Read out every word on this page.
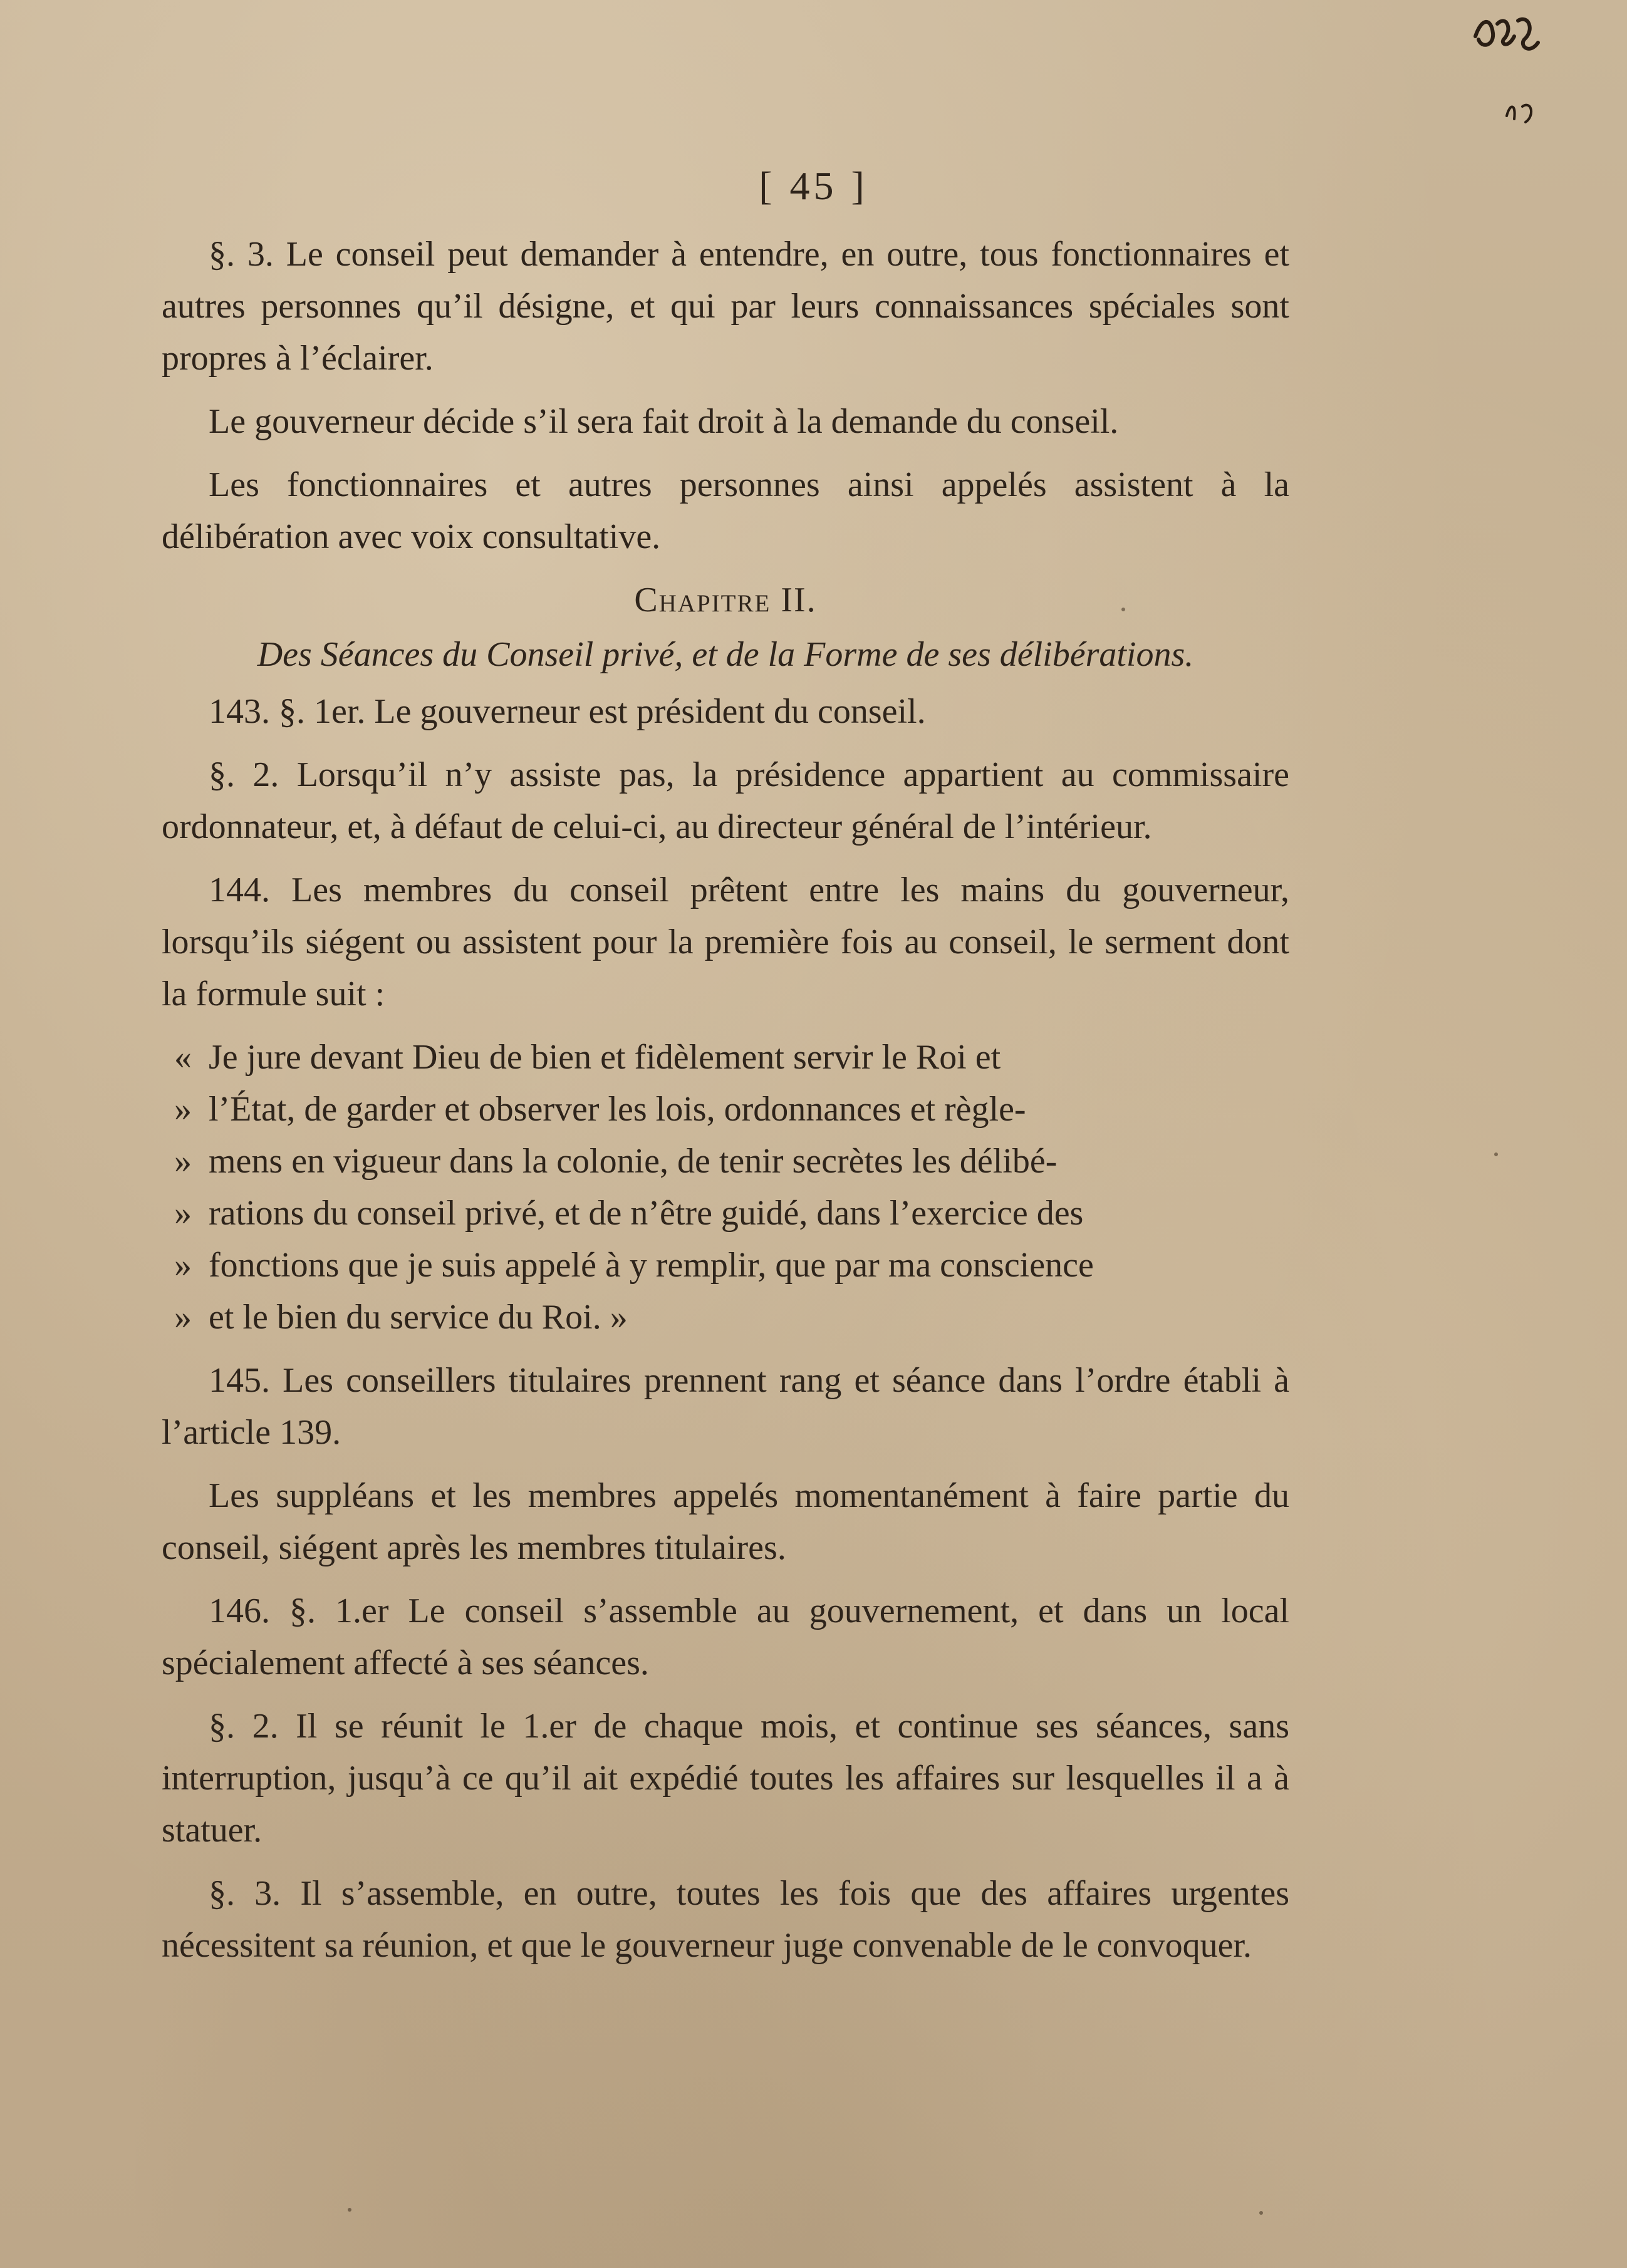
[ 45 ]

§. 3. Le conseil peut demander à entendre, en outre, tous fonctionnaires et autres personnes qu’il désigne, et qui par leurs connaissances spéciales sont propres à l’éclairer.

Le gouverneur décide s’il sera fait droit à la demande du conseil.

Les fonctionnaires et autres personnes ainsi appelés assistent à la délibération avec voix consultative.

Chapitre II.
Des Séances du Conseil privé, et de la Forme de ses délibérations.

143. §. 1er. Le gouverneur est président du conseil.

§. 2. Lorsqu’il n’y assiste pas, la présidence appartient au commissaire ordonnateur, et, à défaut de celui-ci, au directeur général de l’intérieur.

144. Les membres du conseil prêtent entre les mains du gouverneur, lorsqu’ils siégent ou assistent pour la première fois au conseil, le serment dont la formule suit :

« Je jure devant Dieu de bien et fidèlement servir le Roi et
» l’État, de garder et observer les lois, ordonnances et règle-
» mens en vigueur dans la colonie, de tenir secrètes les délibé-
» rations du conseil privé, et de n’être guidé, dans l’exercice des
» fonctions que je suis appelé à y remplir, que par ma conscience
» et le bien du service du Roi. »

145. Les conseillers titulaires prennent rang et séance dans l’ordre établi à l’article 139.

Les suppléans et les membres appelés momentanément à faire partie du conseil, siégent après les membres titulaires.

146. §. 1.er Le conseil s’assemble au gouvernement, et dans un local spécialement affecté à ses séances.

§. 2. Il se réunit le 1.er de chaque mois, et continue ses séances, sans interruption, jusqu’à ce qu’il ait expédié toutes les affaires sur lesquelles il a à statuer.

§. 3. Il s’assemble, en outre, toutes les fois que des affaires urgentes nécessitent sa réunion, et que le gouverneur juge convenable de le convoquer.
